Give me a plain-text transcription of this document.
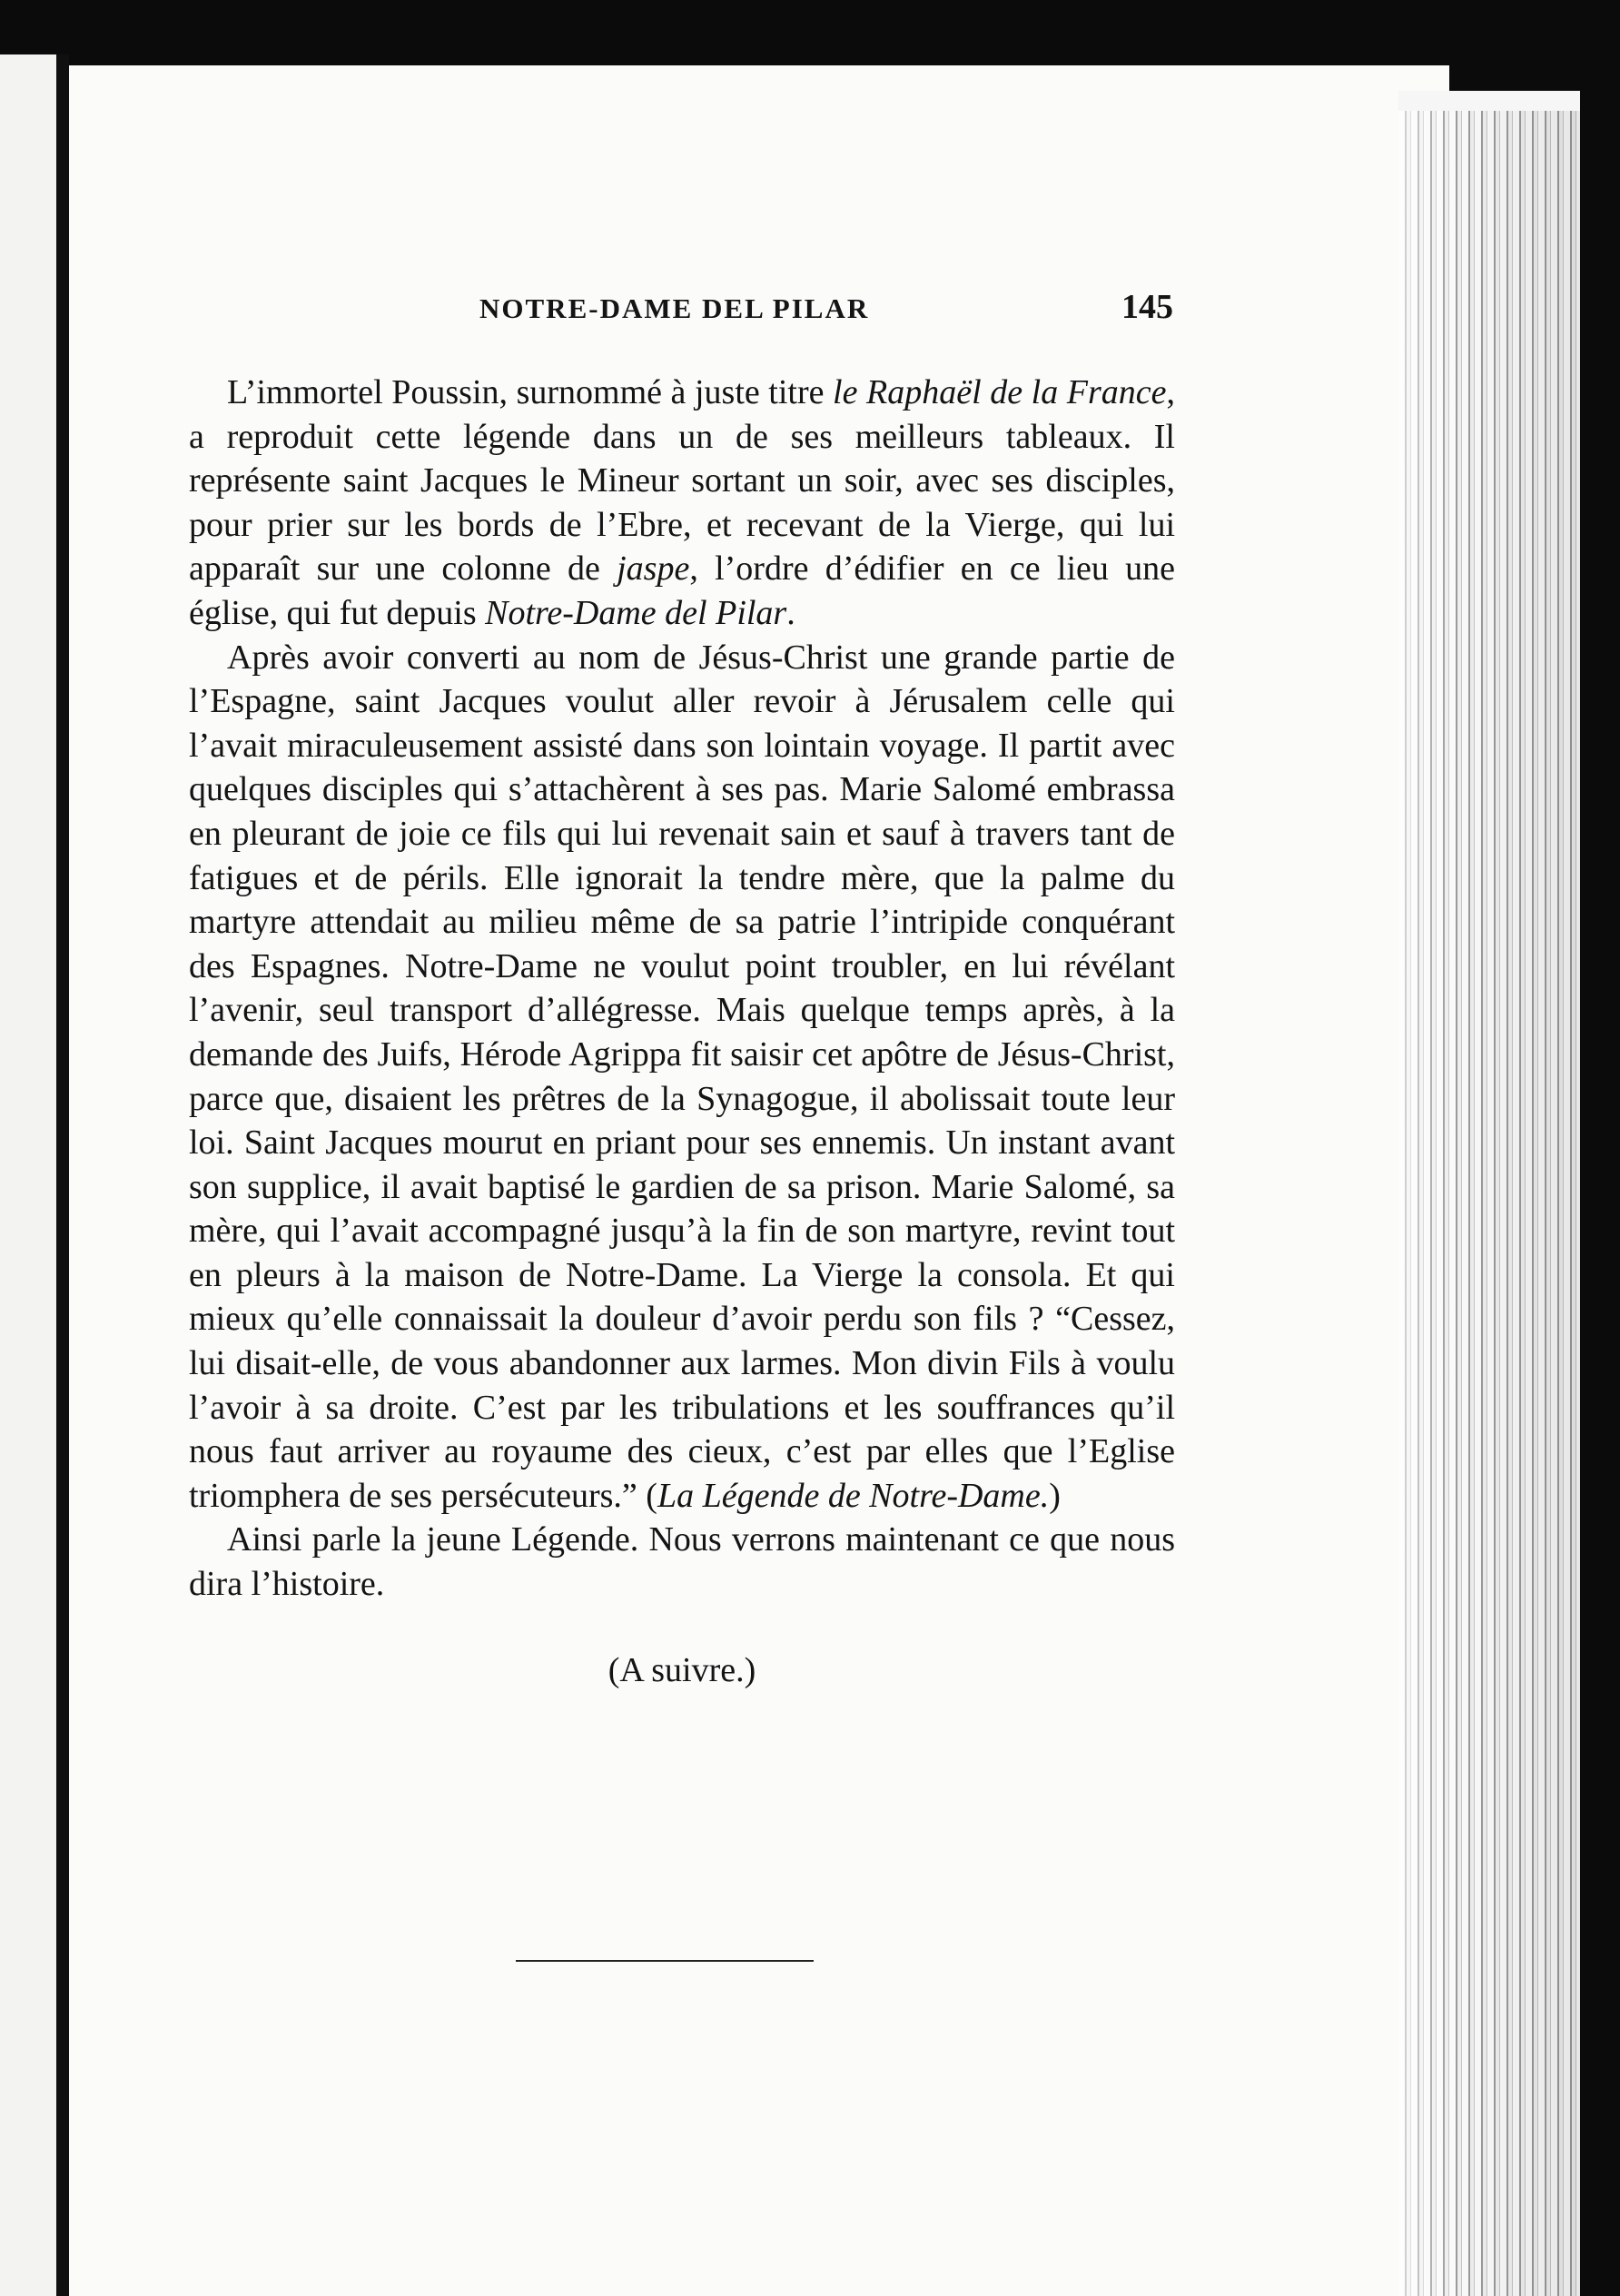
NOTRE-DAME DEL PILAR	145

L’immortel Poussin, surnommé à juste titre le Raphaël de la France, a reproduit cette légende dans un de ses meilleurs tableaux. Il représente saint Jacques le Mineur sortant un soir, avec ses disciples, pour prier sur les bords de l’Ebre, et recevant de la Vierge, qui lui apparaît sur une colonne de jaspe, l’ordre d’édifier en ce lieu une église, qui fut depuis Notre-Dame del Pilar.

Après avoir converti au nom de Jésus-Christ une grande partie de l’Espagne, saint Jacques voulut aller revoir à Jérusalem celle qui l’avait miraculeusement assisté dans son lointain voyage. Il partit avec quelques disciples qui s’attachèrent à ses pas. Marie Salomé embrassa en pleurant de joie ce fils qui lui revenait sain et sauf à travers tant de fatigues et de périls. Elle ignorait la tendre mère, que la palme du martyre attendait au milieu même de sa patrie l’intripide conquérant des Espagnes. Notre-Dame ne voulut point troubler, en lui révélant l’avenir, seul transport d’allégresse. Mais quelque temps après, à la demande des Juifs, Hérode Agrippa fit saisir cet apôtre de Jésus-Christ, parce que, disaient les prêtres de la Synagogue, il abolissait toute leur loi. Saint Jacques mourut en priant pour ses ennemis. Un instant avant son supplice, il avait baptisé le gardien de sa prison. Marie Salomé, sa mère, qui l’avait accompagné jusqu’à la fin de son martyre, revint tout en pleurs à la maison de Notre-Dame. La Vierge la consola. Et qui mieux qu’elle connaissait la douleur d’avoir perdu son fils ? “Cessez, lui disait-elle, de vous abandonner aux larmes. Mon divin Fils à voulu l’avoir à sa droite. C’est par les tribulations et les souffrances qu’il nous faut arriver au royaume des cieux, c’est par elles que l’Eglise triomphera de ses persécuteurs.” (La Légende de Notre-Dame.)

Ainsi parle la jeune Légende. Nous verrons maintenant ce que nous dira l’histoire.

(A suivre.)
